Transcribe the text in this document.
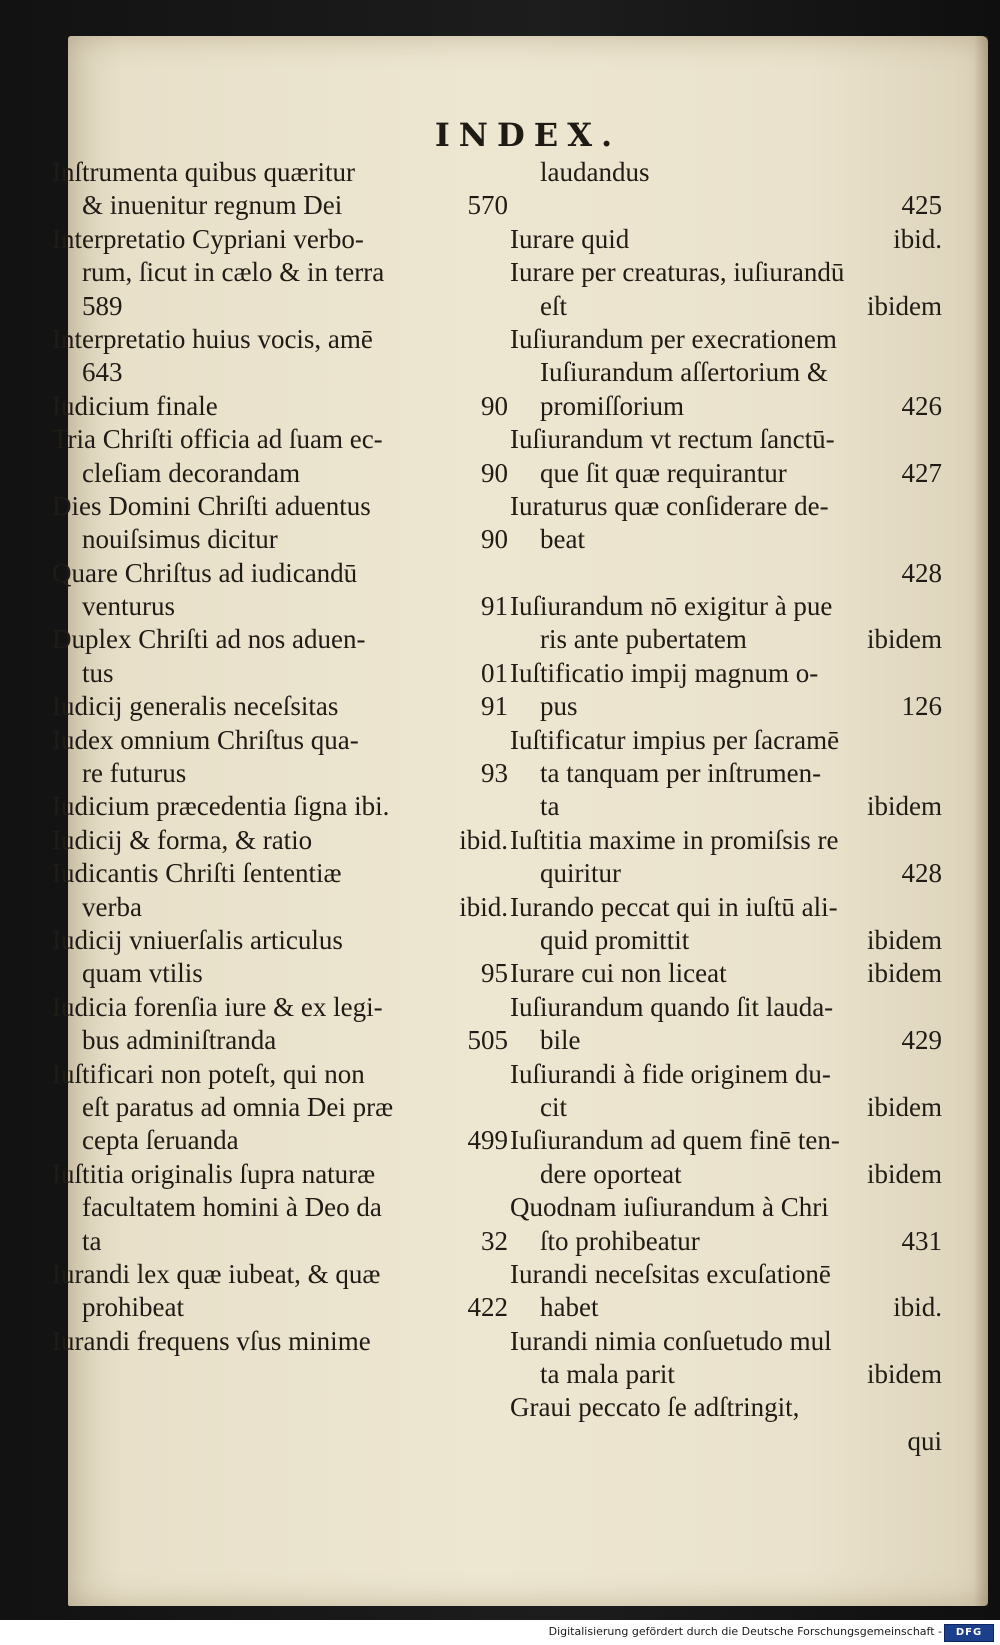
INDEX.
Inſtrumenta quibus quæritur
& inuenitur regnum Dei	570
Interpretatio Cypriani verbo-
rum, ſicut in cælo & in terra
589
Interpretatio huius vocis, amē
643
Iudicium finale	90
Tria Chriſti officia ad ſuam ec-
cleſiam decorandam	90
Dies Domini Chriſti aduentus
nouiſsimus dicitur	90
Quare Chriſtus ad iudicandū
venturus	91
Duplex Chriſti ad nos aduen-
tus	01
Iudicij generalis neceſsitas	91
Iudex omnium Chriſtus qua-
re futurus	93
Iudicium præcedentia ſigna ibi.
Iudicij & forma, & ratio	ibid.
Iudicantis Chriſti ſententiæ
verba	ibid.
Iudicij vniuerſalis articulus
quam vtilis	95
Iudicia forenſia iure & ex legi-
bus adminiſtranda	505
Iuſtificari non poteſt, qui non
eſt paratus ad omnia Dei præ
cepta ſeruanda	499
Iuſtitia originalis ſupra naturæ
facultatem homini à Deo da
ta	32
Iurandi lex quæ iubeat, & quæ
prohibeat	422
Iurandi frequens vſus minime
laudandus
425
Iurare quid	ibid.
Iurare per creaturas, iuſiurandū
eſt	ibidem
Iuſiurandum per execrationem
Iuſiurandum aſſertorium &
promiſſorium	426
Iuſiurandum vt rectum ſanctū-
que ſit quæ requirantur	427
Iuraturus quæ conſiderare de-
beat
428
Iuſiurandum nō exigitur à pue
ris ante pubertatem	ibidem
Iuſtificatio impij magnum o-
pus	126
Iuſtificatur impius per ſacramē
ta tanquam per inſtrumen-
ta	ibidem
Iuſtitia maxime in promiſsis re
quiritur	428
Iurando peccat qui in iuſtū ali-
quid promittit	ibidem
Iurare cui non liceat	ibidem
Iuſiurandum quando ſit lauda-
bile	429
Iuſiurandi à fide originem du-
cit	ibidem
Iuſiurandum ad quem finē ten-
dere oporteat	ibidem
Quodnam iuſiurandum à Chri
ſto prohibeatur	431
Iurandi neceſsitas excuſationē
habet	ibid.
Iurandi nimia conſuetudo mul
ta mala parit	ibidem
Graui peccato ſe adſtringit,
qui
Digitalisierung gefördert durch die Deutsche Forschungsgemeinschaft -	DFG
